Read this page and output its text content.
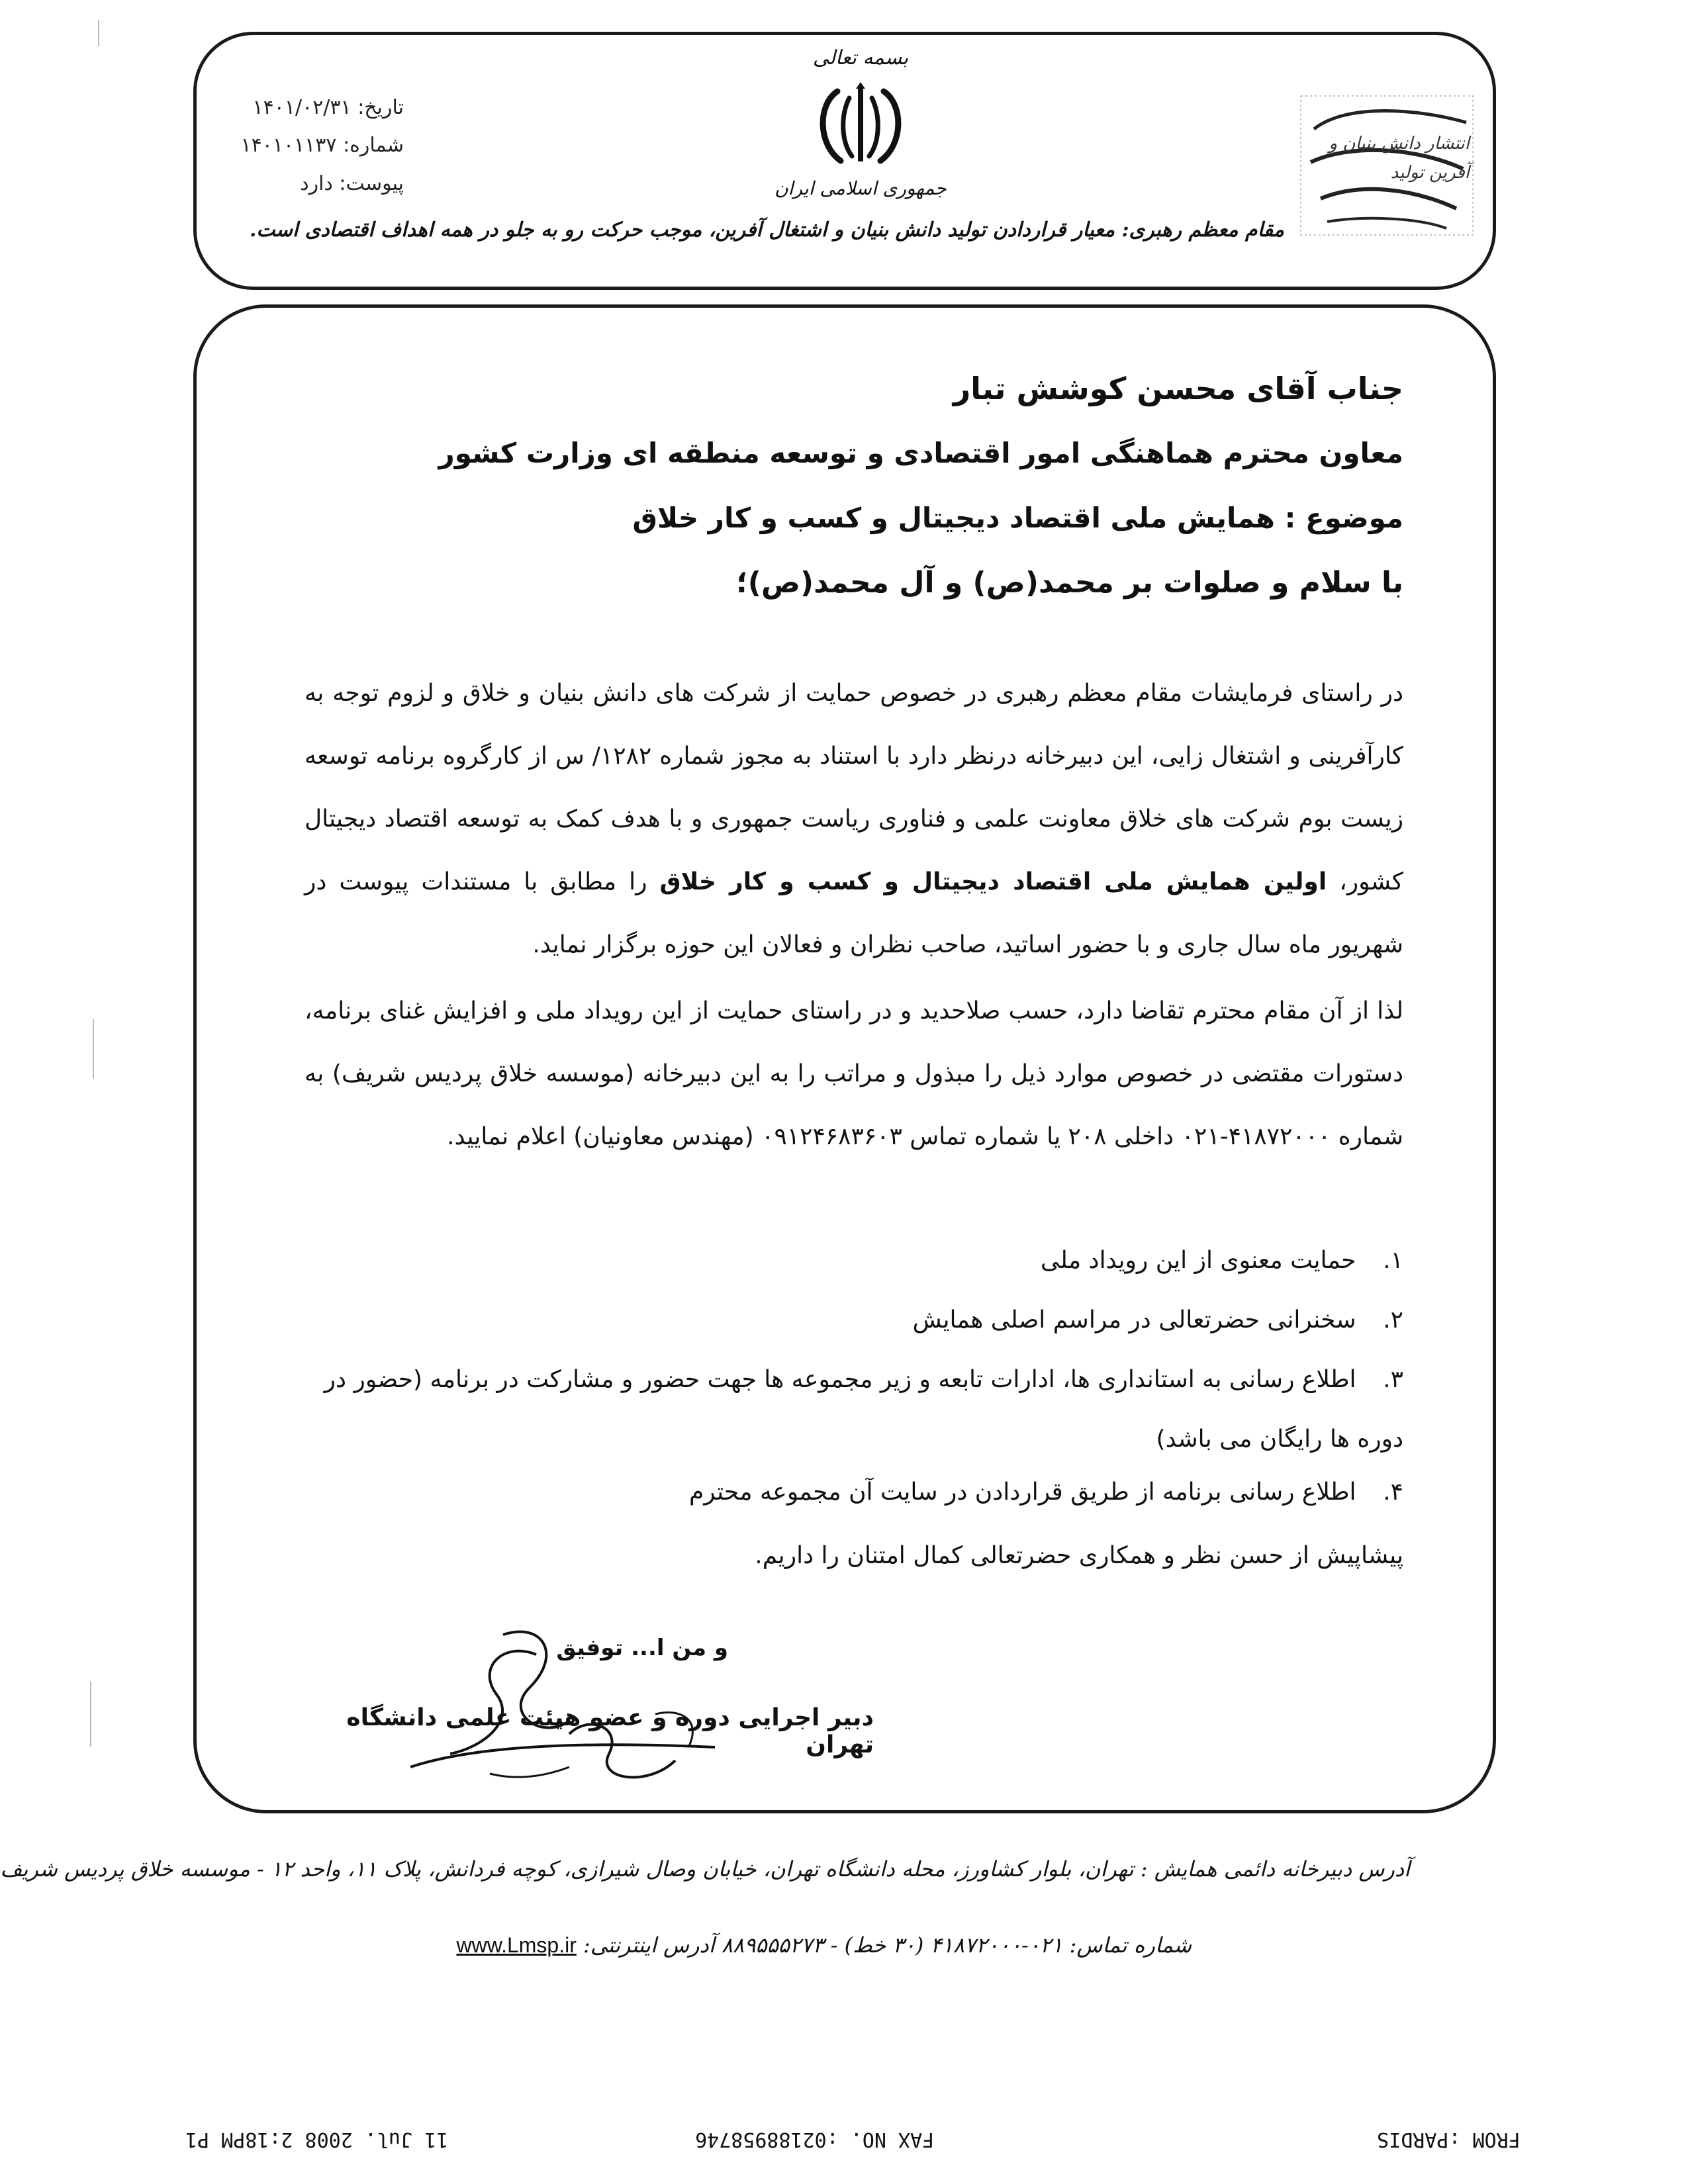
بسمه تعالی
جمهوری اسلامی ایران
تاریخ: ۱۴۰۱/۰۲/۳۱
شماره: ۱۴۰۱۰۱۱۳۷
پیوست: دارد
انتشار دانش بنیان و آفرین تولید
مقام معظم رهبری: معیار قراردادن تولید دانش بنیان و اشتغال آفرین، موجب حرکت رو به جلو در همه اهداف اقتصادی است.
جناب آقای محسن کوشش تبار
معاون محترم هماهنگی امور اقتصادی و توسعه منطقه ای وزارت کشور
موضوع : همایش ملی اقتصاد دیجیتال و کسب و کار خلاق
با سلام و صلوات بر محمد(ص) و آل محمد(ص)؛
در راستای فرمایشات مقام معظم رهبری در خصوص حمایت از شرکت های دانش بنیان و خلاق و لزوم توجه به کارآفرینی و اشتغال زایی، این دبیرخانه درنظر دارد با استناد به مجوز شماره ۱۲۸۲/ س از کارگروه برنامه توسعه زیست بوم شرکت های خلاق معاونت علمی و فناوری ریاست جمهوری و با هدف کمک به توسعه اقتصاد دیجیتال کشور، اولین همایش ملی اقتصاد دیجیتال و کسب و کار خلاق را مطابق با مستندات پیوست در شهریور ماه سال جاری و با حضور اساتید، صاحب نظران و فعالان این حوزه برگزار نماید.
لذا از آن مقام محترم تقاضا دارد، حسب صلاحدید و در راستای حمایت از این رویداد ملی و افزایش غنای برنامه، دستورات مقتضی در خصوص موارد ذیل را مبذول و مراتب را به این دبیرخانه (موسسه خلاق پردیس شریف) به شماره ۴۱۸۷۲۰۰۰-۰۲۱ داخلی ۲۰۸ یا شماره تماس ۰۹۱۲۴۶۸۳۶۰۳ (مهندس معاونیان) اعلام نمایید.
۱. حمایت معنوی از این رویداد ملی
۲. سخنرانی حضرتعالی در مراسم اصلی همایش
۳. اطلاع رسانی به استانداری ها، ادارات تابعه و زیر مجموعه ها جهت حضور و مشارکت در برنامه (حضور در دوره ها رایگان می باشد)
۴. اطلاع رسانی برنامه از طریق قراردادن در سایت آن مجموعه محترم
پیشاپیش از حسن نظر و همکاری حضرتعالی کمال امتنان را داریم.
و من ا... توفیق
دبیر اجرایی دوره و عضو هیئت علمی دانشگاه تهران
آدرس دبیرخانه دائمی همایش : تهران، بلوار کشاورز، محله دانشگاه تهران، خیابان وصال شیرازی، کوچه فردانش، پلاک ۱۱، واحد ۱۲ - موسسه خلاق پردیس شریف
شماره تماس: ۰۲۱-۴۱۸۷۲۰۰۰ (۳۰ خط) - ۸۸۹۵۵۵۲۷۳ آدرس اینترنتی: www.Lmsp.ir
FROM :PARDIS
FAX NO. :02188958746
11 Jul. 2008 2:18PM P1
